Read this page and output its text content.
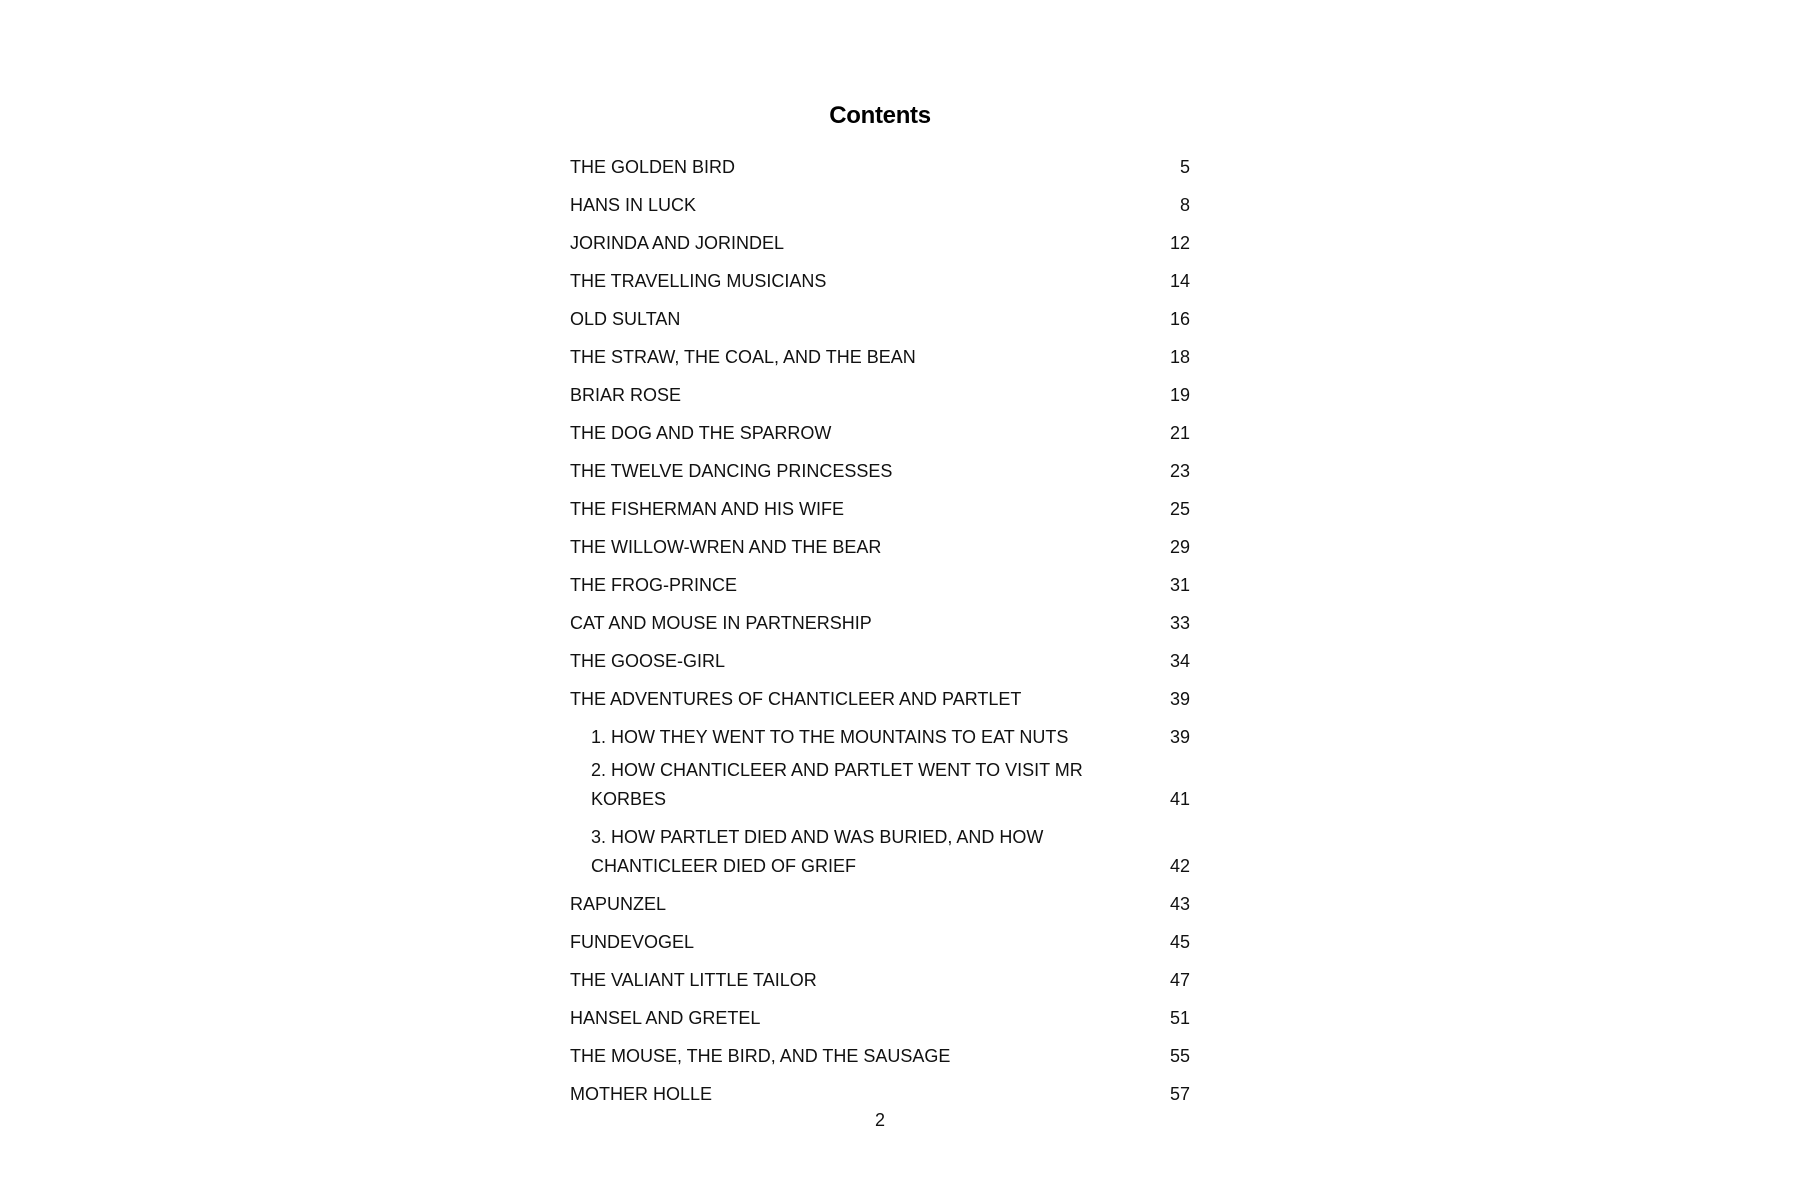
Contents
THE GOLDEN BIRD	5
HANS IN LUCK	8
JORINDA AND JORINDEL	12
THE TRAVELLING MUSICIANS	14
OLD SULTAN	16
THE STRAW, THE COAL, AND THE BEAN	18
BRIAR ROSE	19
THE DOG AND THE SPARROW	21
THE TWELVE DANCING PRINCESSES	23
THE FISHERMAN AND HIS WIFE	25
THE WILLOW-WREN AND THE BEAR	29
THE FROG-PRINCE	31
CAT AND MOUSE IN PARTNERSHIP	33
THE GOOSE-GIRL	34
THE ADVENTURES OF CHANTICLEER AND PARTLET	39
1. HOW THEY WENT TO THE MOUNTAINS TO EAT NUTS	39
2. HOW CHANTICLEER AND PARTLET WENT TO VISIT MR KORBES	41
3. HOW PARTLET DIED AND WAS BURIED, AND HOW CHANTICLEER DIED OF GRIEF	42
RAPUNZEL	43
FUNDEVOGEL	45
THE VALIANT LITTLE TAILOR	47
HANSEL AND GRETEL	51
THE MOUSE, THE BIRD, AND THE SAUSAGE	55
MOTHER HOLLE	57
2
